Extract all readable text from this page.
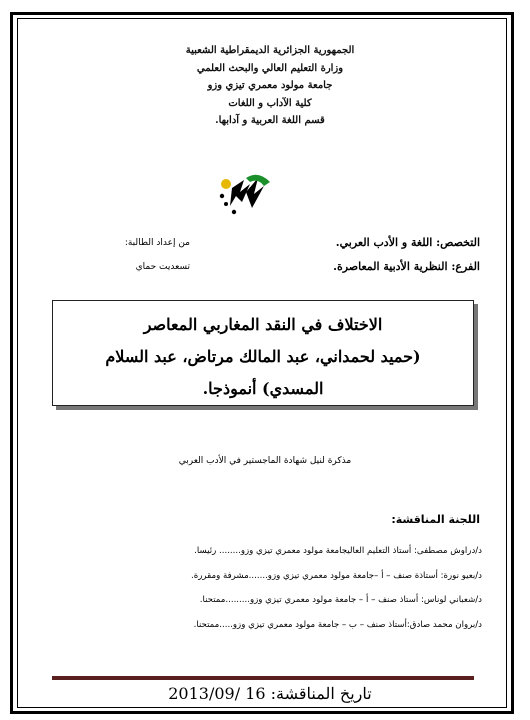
الجمهورية الجزائرية الديمقراطية الشعبية
وزارة التعليم العالي والبحث العلمي
جامعة مولود معمري تيزي وزو
كلية الآداب و اللغات
قسم اللغة العربية و آدابها.
التخصص: اللغة و الأدب العربي.
الفرع: النظرية الأدبية المعاصرة.
من إعداد الطالبة:
تسعديت حماي
الاختلاف في النقد المغاربي المعاصر
(حميد لحمداني، عبد المالك مرتاض، عبد السلام
المسدي) أنموذجا.
مذكرة لنيل شهادة الماجستير في الأدب العربي
اللجنة المناقشة:
د/دراوش مصطفى: أستاذ التعليم العاليجامعة مولود معمري تيزي وزو........ رئيسا.
د/بعيو نورة: أستاذة صنف – أ –جامعة مولود معمري تيزي وزو.......مشرفة ومقررة.
د/شعباني لوناس: أستاذ صنف – أ – جامعة مولود معمري تيزي وزو.........ممتحنا.
د/بروان محمد صادق:أستاذ صنف – ب – جامعة مولود معمري تيزي وزو.....ممتحنا.
تاريخ المناقشة: 16 /2013/09
